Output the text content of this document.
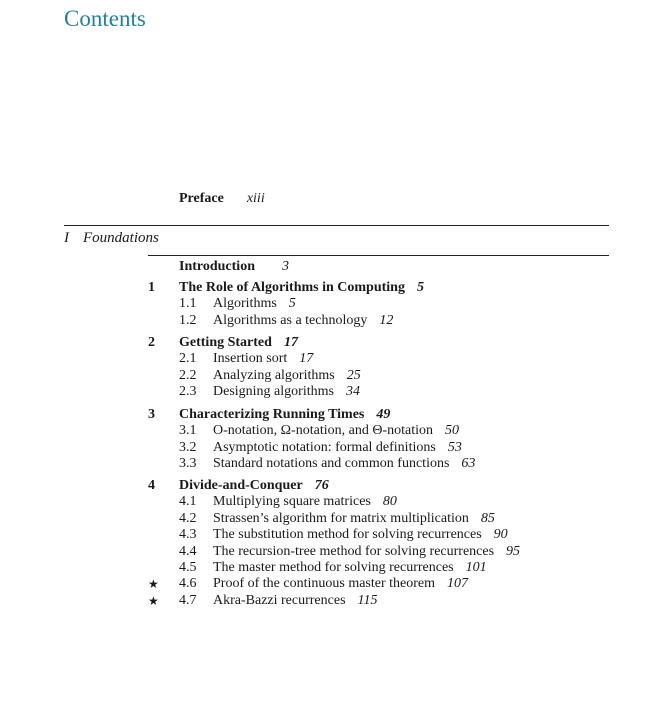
Contents
Preface xiii
I Foundations
Introduction 3
1 The Role of Algorithms in Computing 5
1.1 Algorithms 5
1.2 Algorithms as a technology 12
2 Getting Started 17
2.1 Insertion sort 17
2.2 Analyzing algorithms 25
2.3 Designing algorithms 34
3 Characterizing Running Times 49
3.1 O-notation, Ω-notation, and Θ-notation 50
3.2 Asymptotic notation: formal definitions 53
3.3 Standard notations and common functions 63
4 Divide-and-Conquer 76
4.1 Multiplying square matrices 80
4.2 Strassen’s algorithm for matrix multiplication 85
4.3 The substitution method for solving recurrences 90
4.4 The recursion-tree method for solving recurrences 95
4.5 The master method for solving recurrences 101
★ 4.6 Proof of the continuous master theorem 107
★ 4.7 Akra-Bazzi recurrences 115
